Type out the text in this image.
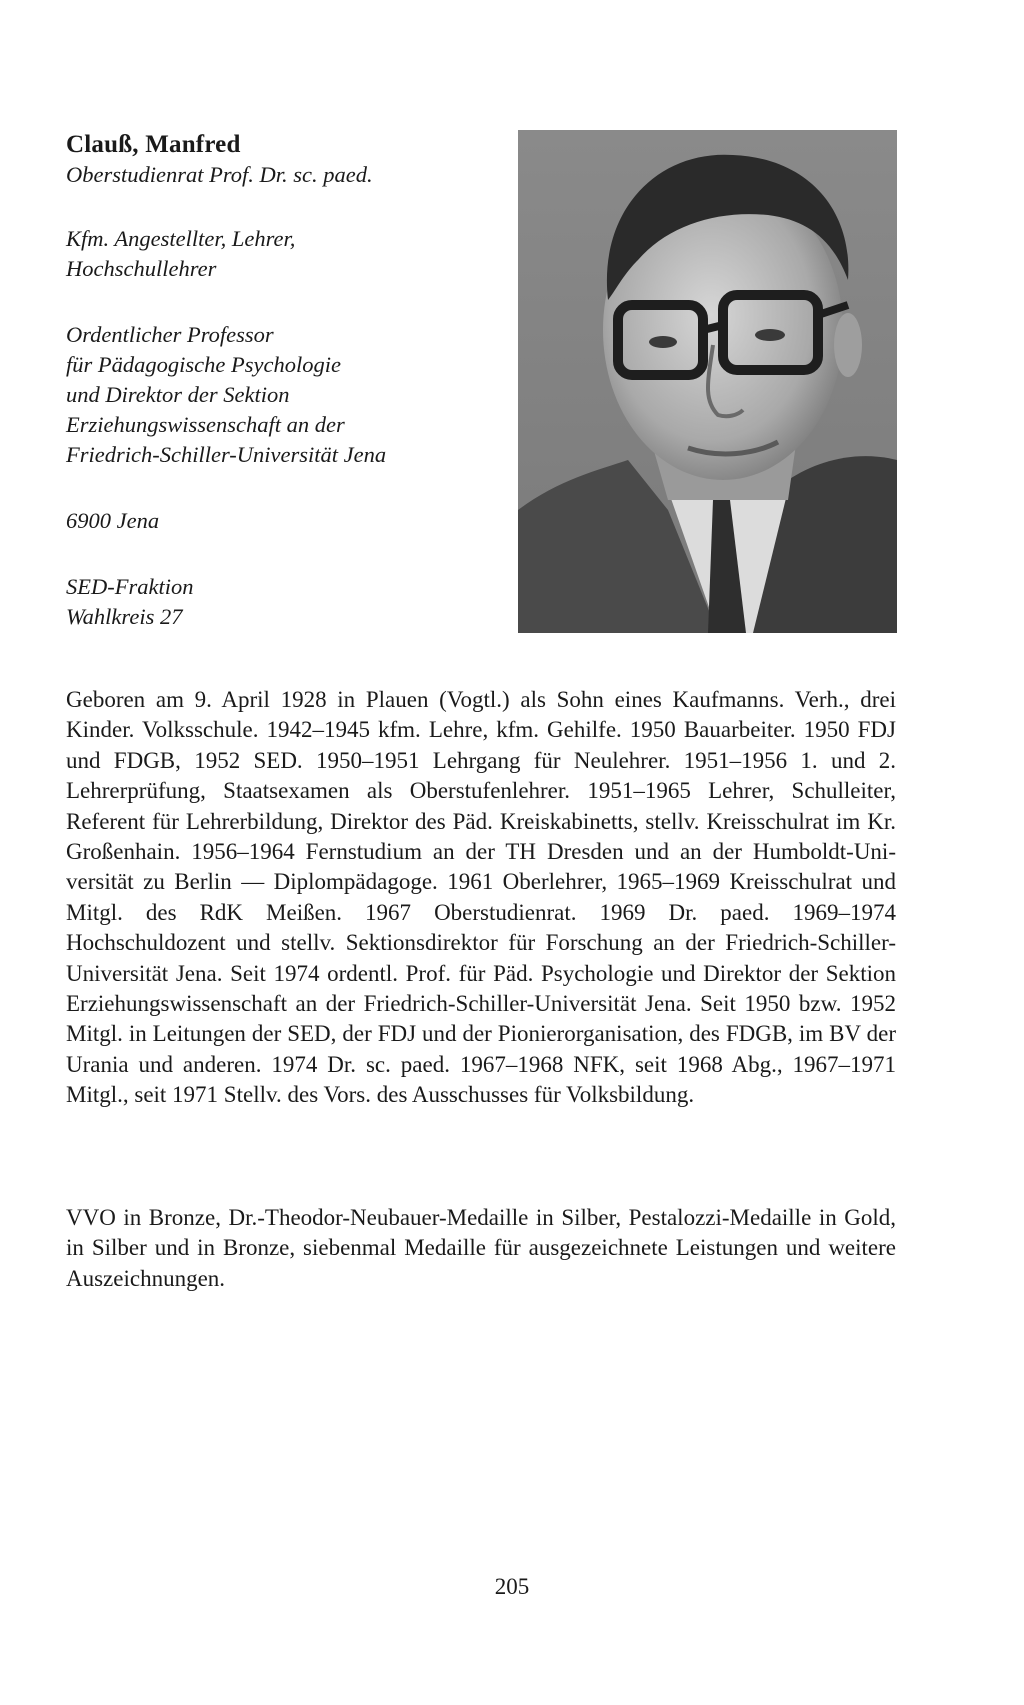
Clauß, Manfred

Oberstudienrat Prof. Dr. sc. paed.

Kfm. Angestellter, Lehrer,

Hochschullehrer

Ordentlicher Professor

für Pädagogische Psychologie

und Direktor der Sektion

Erziehungswissenschaft an der

Friedrich-Schiller-Universität Jena

6900 Jena

SED-Fraktion

Wahlkreis 27

Geboren am 9. April 1928 in Plauen (Vogtl.) als Sohn eines Kaufmanns. Verh., drei Kinder. Volksschule. 1942–1945 kfm. Lehre, kfm. Gehilfe. 1950 Bauarbeiter. 1950 FDJ und FDGB, 1952 SED. 1950–1951 Lehrgang für Neulehrer. 1951–1956 1. und 2. Lehrerprüfung, Staatsexamen als Oberstufenlehrer. 1951–1965 Lehrer, Schulleiter, Referent für Lehrerbildung, Direktor des Päd. Kreiskabinetts, stellv. Kreisschulrat im Kr. Großenhain. 1956–1964 Fernstudium an der TH Dresden und an der Humboldt-Universität zu Berlin — Diplompädagoge. 1961 Oberlehrer, 1965–1969 Kreisschulrat und Mitgl. des RdK Meißen. 1967 Oberstudienrat. 1969 Dr. paed. 1969–1974 Hochschuldozent und stellv. Sektionsdirektor für Forschung an der Friedrich-Schiller-Universität Jena. Seit 1974 ordentl. Prof. für Päd. Psychologie und Direktor der Sektion Erziehungswissenschaft an der Friedrich-Schiller-Universität Jena. Seit 1950 bzw. 1952 Mitgl. in Leitungen der SED, der FDJ und der Pionierorganisation, des FDGB, im BV der Urania und anderen. 1974 Dr. sc. paed. 1967–1968 NFK, seit 1968 Abg., 1967–1971 Mitgl., seit 1971 Stellv. des Vors. des Ausschusses für Volksbildung.

VVO in Bronze, Dr.-Theodor-Neubauer-Medaille in Silber, Pestalozzi-Medaille in Gold, in Silber und in Bronze, siebenmal Medaille für ausgezeichnete Leistungen und weitere Auszeichnungen.

205
